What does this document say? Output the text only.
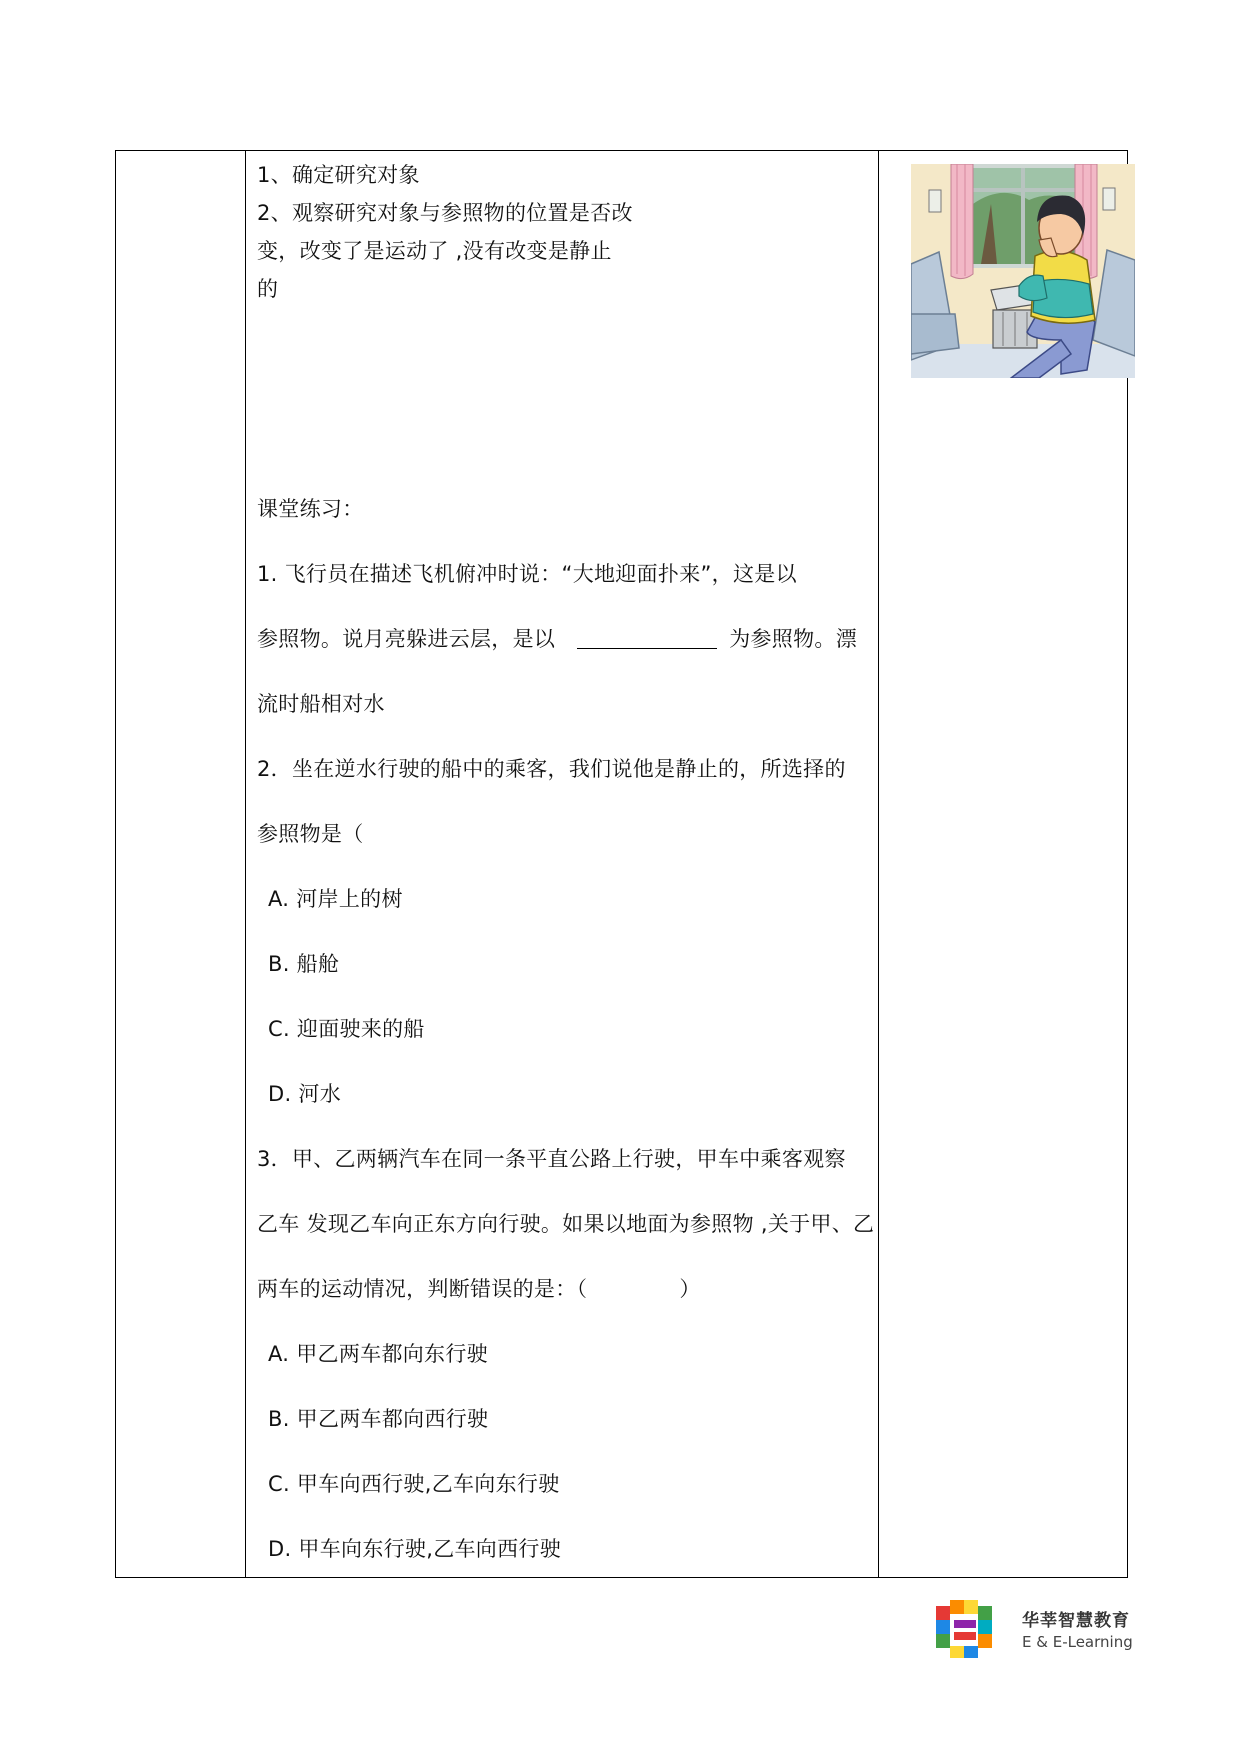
1、确定研究对象
2、观察研究对象与参照物的位置是否改
变，改变了是运动了 ,没有改变是静止
的
课堂练习：
1. 飞行员在描述飞机俯冲时说：“大地迎面扑来”，这是以
参照物。说月亮躲进云层，是以	为参照物。漂
流时船相对水
2．坐在逆水行驶的船中的乘客，我们说他是静止的，所选择的
参照物是（
A. 河岸上的树
B. 船舱
C. 迎面驶来的船
D. 河水
3．甲、乙两辆汽车在同一条平直公路上行驶，甲车中乘客观察
乙车 发现乙车向正东方向行驶。如果以地面为参照物 ,关于甲、乙
两车的运动情况，判断错误的是：（	）
A. 甲乙两车都向东行驶
B. 甲乙两车都向西行驶
C. 甲车向西行驶,乙车向东行驶
D. 甲车向东行驶,乙车向西行驶
华莘智慧教育
E & E-Learning
